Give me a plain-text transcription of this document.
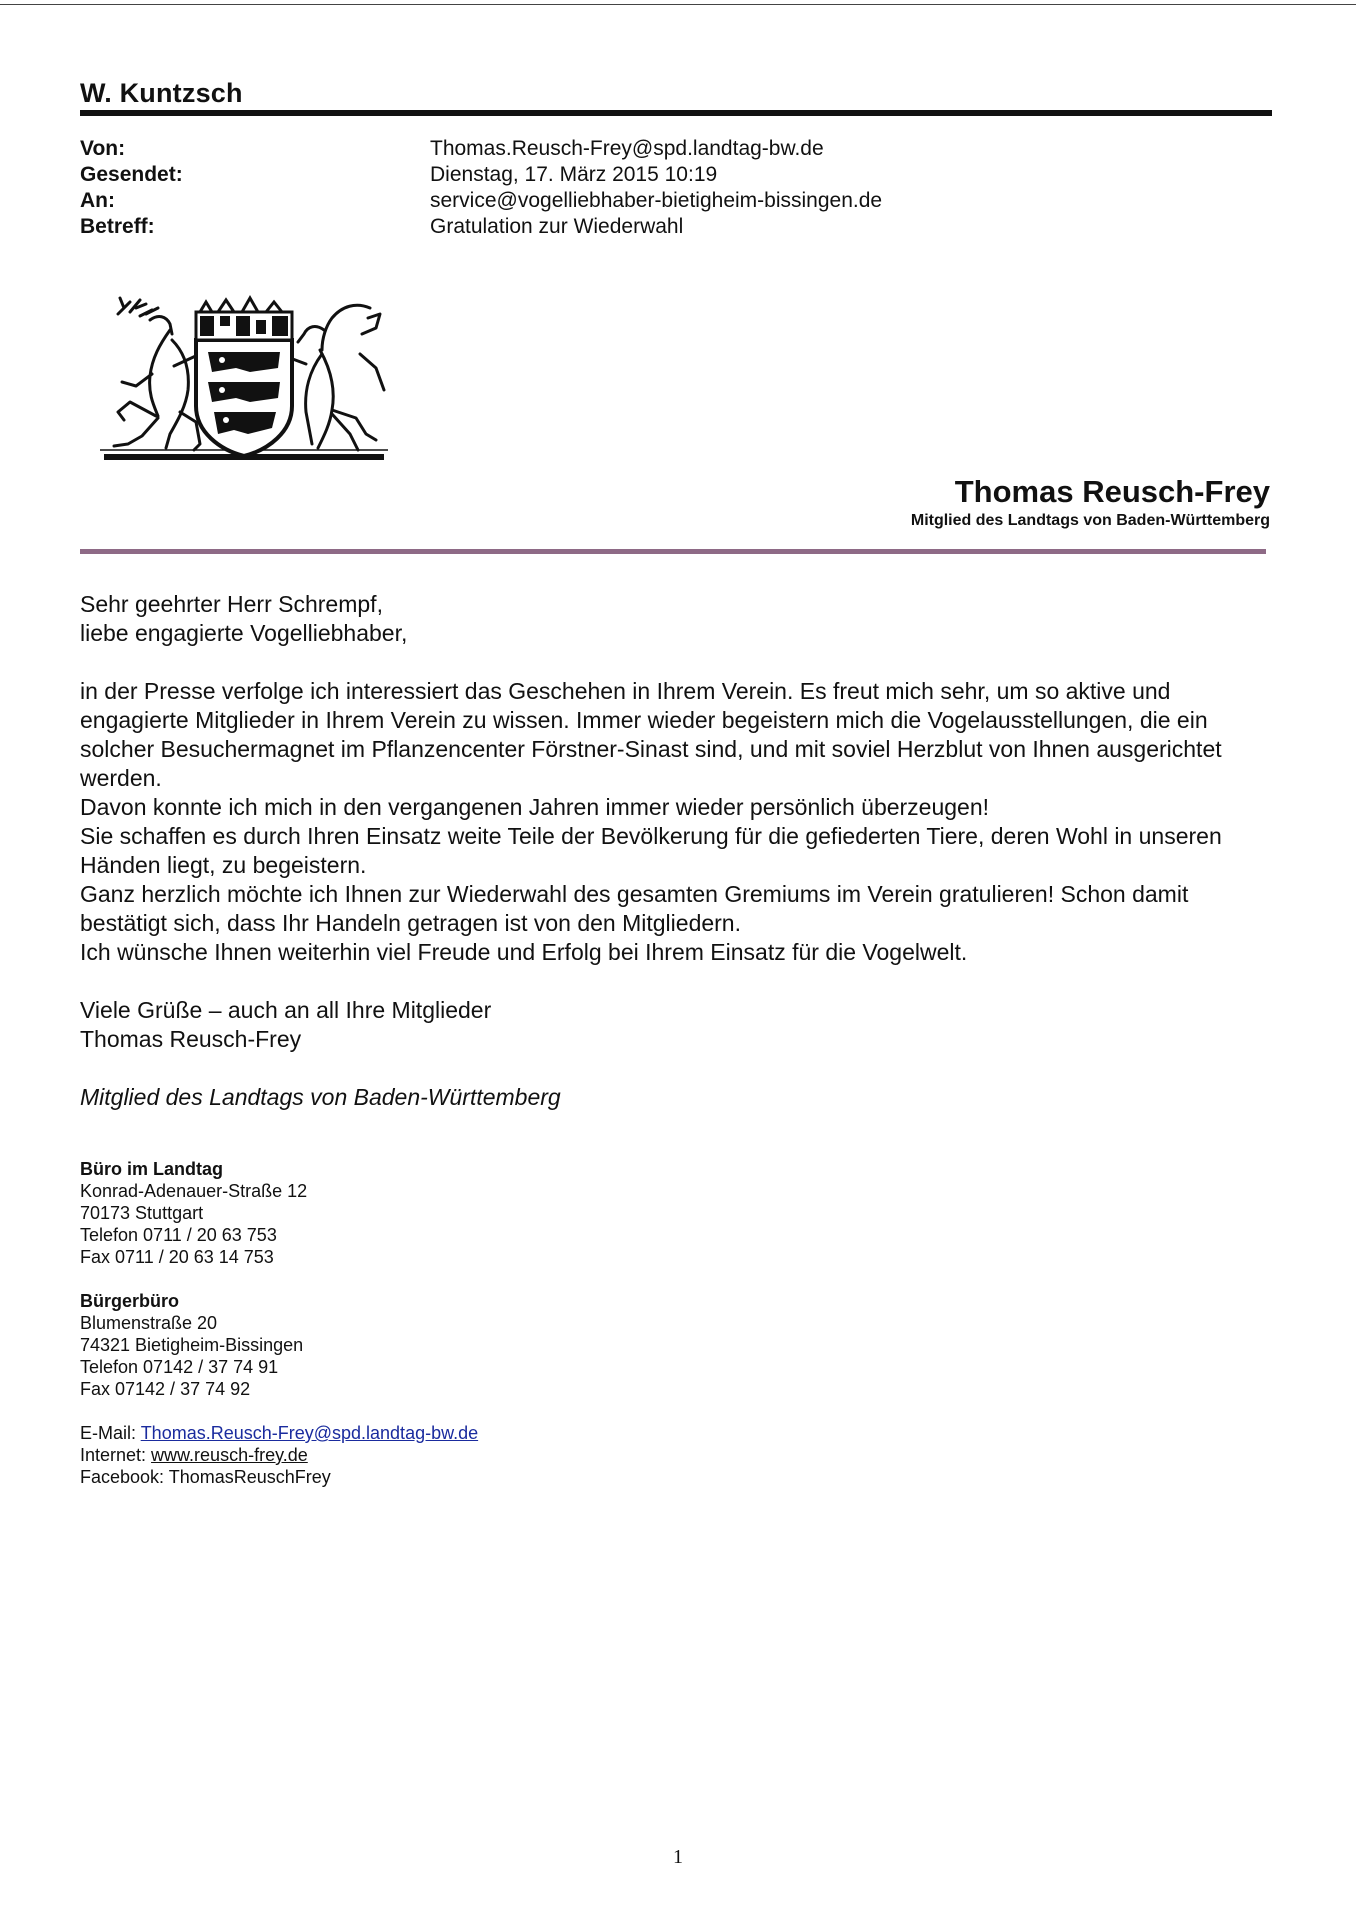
W. Kuntzsch
Von:	Thomas.Reusch-Frey@spd.landtag-bw.de
Gesendet:	Dienstag, 17. März 2015 10:19
An:	service@vogelliebhaber-bietigheim-bissingen.de
Betreff:	Gratulation zur Wiederwahl
Thomas Reusch-Frey
Mitglied des Landtags von Baden-Württemberg

Sehr geehrter Herr Schrempf,

liebe engagierte Vogelliebhaber,

in der Presse verfolge ich interessiert das Geschehen in Ihrem Verein. Es freut mich sehr, um so aktive und engagierte Mitglieder in Ihrem Verein zu wissen. Immer wieder begeistern mich die Vogelausstellungen, die ein solcher Besuchermagnet im Pflanzencenter Förstner-Sinast sind, und mit soviel Herzblut von Ihnen ausgerichtet werden.

Davon konnte ich mich in den vergangenen Jahren immer wieder persönlich überzeugen!

Sie schaffen es durch Ihren Einsatz weite Teile der Bevölkerung für die gefiederten Tiere, deren Wohl in unseren Händen liegt, zu begeistern.

Ganz herzlich möchte ich Ihnen zur Wiederwahl des gesamten Gremiums im Verein gratulieren! Schon damit bestätigt sich, dass Ihr Handeln getragen ist von den Mitgliedern.

Ich wünsche Ihnen weiterhin viel Freude und Erfolg bei Ihrem Einsatz für die Vogelwelt.

Viele Grüße – auch an all Ihre Mitglieder

Thomas Reusch-Frey

Mitglied des Landtags von Baden-Württemberg

Büro im Landtag
Konrad-Adenauer-Straße 12
70173 Stuttgart
Telefon 0711 / 20 63 753
Fax 0711 / 20 63 14 753
Bürgerbüro
Blumenstraße 20
74321 Bietigheim-Bissingen
Telefon 07142 / 37 74 91
Fax 07142 / 37 74 92
E-Mail: Thomas.Reusch-Frey@spd.landtag-bw.de
Internet: www.reusch-frey.de
Facebook: ThomasReuschFrey
1
